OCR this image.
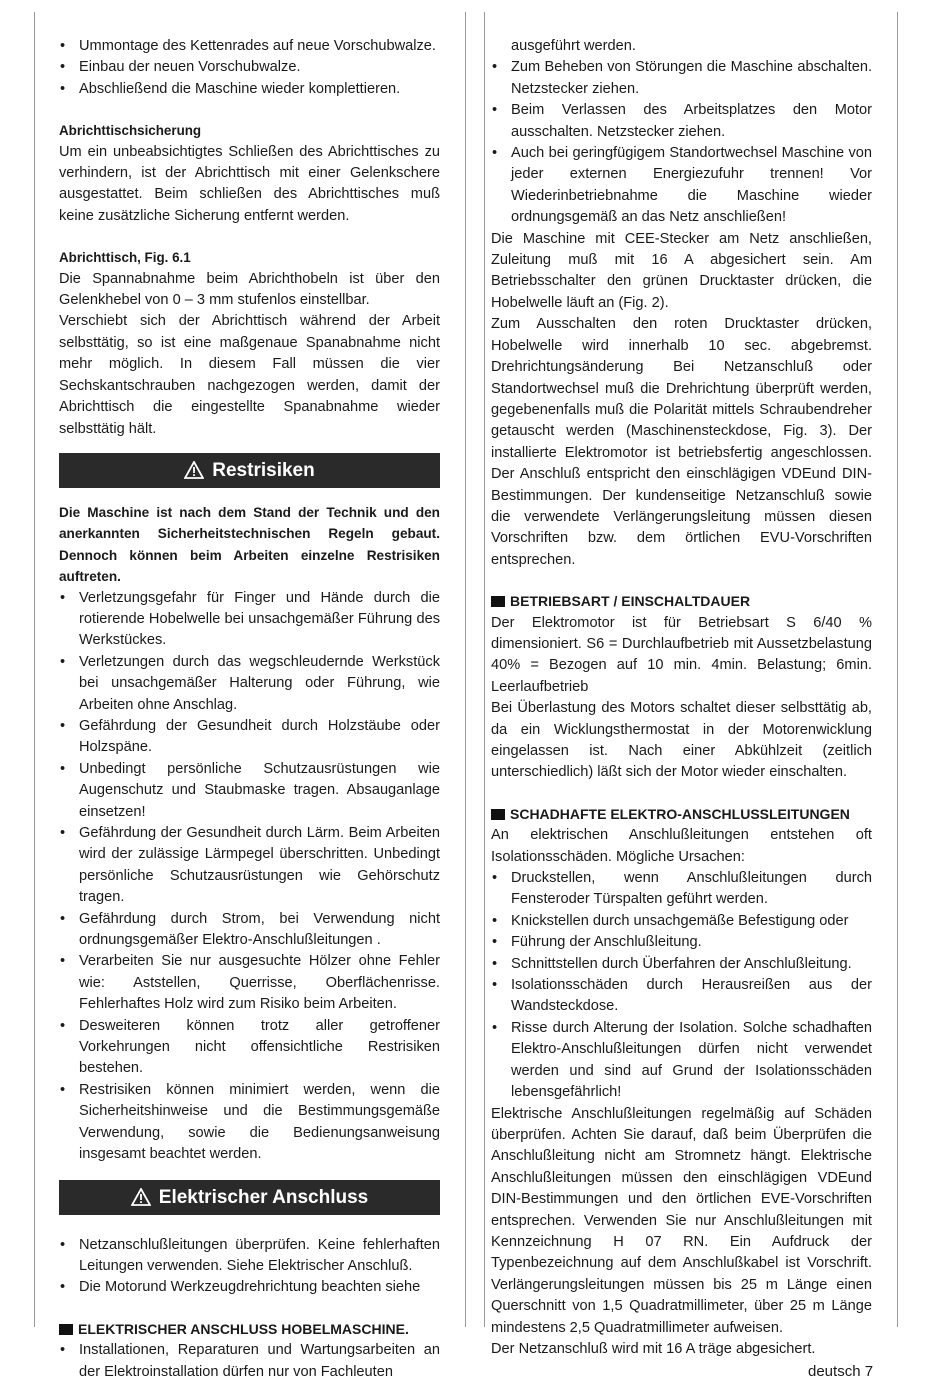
• Ummontage des Kettenrades auf neue Vorschubwalze.
• Einbau der neuen Vorschubwalze.
• Abschließend die Maschine wieder komplettieren.

Abrichttischsicherung

Um ein unbeabsichtigtes Schließen des Abrichttisches zu verhindern, ist der Abrichttisch mit einer Gelenkschere ausgestattet. Beim schließen des Abrichttisches muß keine zusätzliche Sicherung entfernt werden.

Abrichttisch, Fig. 6.1

Die Spannabnahme beim Abrichthobeln ist über den Gelenkhebel von 0 – 3 mm stufenlos einstellbar.

Verschiebt sich der Abrichttisch während der Arbeit selbsttätig, so ist eine maßgenaue Spanabnahme nicht mehr möglich. In diesem Fall müssen die vier Sechskantschrauben nachgezogen werden, damit der Abrichttisch die eingestellte Spanabnahme wieder selbsttätig hält.

Restrisiken

Die Maschine ist nach dem Stand der Technik und den anerkannten Sicherheitstechnischen Regeln gebaut. Dennoch können beim Arbeiten einzelne Restrisiken auftreten.

• Verletzungsgefahr für Finger und Hände durch die rotierende Hobelwelle bei unsachgemäßer Führung des Werkstückes.
• Verletzungen durch das wegschleudernde Werkstück bei unsachgemäßer Halterung oder Führung, wie Arbeiten ohne Anschlag.
• Gefährdung der Gesundheit durch Holzstäube oder Holzspäne.
• Unbedingt persönliche Schutzausrüstungen wie Augenschutz und Staubmaske tragen. Absauganlage einsetzen!
• Gefährdung der Gesundheit durch Lärm. Beim Arbeiten wird der zulässige Lärmpegel überschritten. Unbedingt persönliche Schutzausrüstungen wie Gehörschutz tragen.
• Gefährdung durch Strom, bei Verwendung nicht ordnungsgemäßer Elektro-Anschlußleitungen .
• Verarbeiten Sie nur ausgesuchte Hölzer ohne Fehler wie: Aststellen, Querrisse, Oberflächenrisse. Fehlerhaftes Holz wird zum Risiko beim Arbeiten.
• Desweiteren können trotz aller getroffener Vorkehrungen nicht offensichtliche Restrisiken bestehen.
• Restrisiken können minimiert werden, wenn die Sicherheitshinweise und die Bestimmungsgemäße Verwendung, sowie die Bedienungsanweisung insgesamt beachtet werden.
Elektrischer Anschluss
• Netzanschlußleitungen überprüfen. Keine fehlerhaften Leitungen verwenden. Siehe Elektrischer Anschluß.
• Die Motorund Werkzeugdrehrichtung beachten siehe
ELEKTRISCHER ANSCHLUSS HOBELMASCHINE.
• Installationen, Reparaturen und Wartungsarbeiten an der Elektroinstallation dürfen nur von Fachleuten

ausgeführt werden.

• Zum Beheben von Störungen die Maschine abschalten. Netzstecker ziehen.
• Beim Verlassen des Arbeitsplatzes den Motor ausschalten. Netzstecker ziehen.
• Auch bei geringfügigem Standortwechsel Maschine von jeder externen Energiezufuhr trennen! Vor Wiederinbetriebnahme die Maschine wieder ordnungsgemäß an das Netz anschließen!

Die Maschine mit CEE-Stecker am Netz anschließen, Zuleitung muß mit 16 A abgesichert sein. Am Betriebsschalter den grünen Drucktaster drücken, die Hobelwelle läuft an (Fig. 2).

Zum Ausschalten den roten Drucktaster drücken, Hobelwelle wird innerhalb 10 sec. abgebremst. Drehrichtungsänderung Bei Netzanschluß oder Standortwechsel muß die Drehrichtung überprüft werden, gegebenenfalls muß die Polarität mittels Schraubendreher getauscht werden (Maschinensteckdose, Fig. 3). Der installierte Elektromotor ist betriebsfertig angeschlossen. Der Anschluß entspricht den einschlägigen VDEund DIN-Bestimmungen. Der kundenseitige Netzanschluß sowie die verwendete Verlängerungsleitung müssen diesen Vorschriften bzw. dem örtlichen EVU-Vorschriften entsprechen.

BETRIEBSART / EINSCHALTDAUER

Der Elektromotor ist für Betriebsart S 6/40 % dimensioniert. S6 = Durchlaufbetrieb mit Aussetzbelastung 40% = Bezogen auf 10 min. 4min. Belastung; 6min. Leerlaufbetrieb

Bei Überlastung des Motors schaltet dieser selbsttätig ab, da ein Wicklungsthermostat in der Motorenwicklung eingelassen ist. Nach einer Abkühlzeit (zeitlich unterschiedlich) läßt sich der Motor wieder einschalten.

SCHADHAFTE ELEKTRO-ANSCHLUSSLEITUNGEN

An elektrischen Anschlußleitungen entstehen oft Isolationsschäden. Mögliche Ursachen:

• Druckstellen, wenn Anschlußleitungen durch Fensteroder Türspalten geführt werden.
• Knickstellen durch unsachgemäße Befestigung oder
• Führung der Anschlußleitung.
• Schnittstellen durch Überfahren der Anschlußleitung.
• Isolationsschäden durch Herausreißen aus der Wandsteckdose.
• Risse durch Alterung der Isolation. Solche schadhaften Elektro-Anschlußleitungen dürfen nicht verwendet werden und sind auf Grund der Isolationsschäden lebensgefährlich!

Elektrische Anschlußleitungen regelmäßig auf Schäden überprüfen. Achten Sie darauf, daß beim Überprüfen die Anschlußleitung nicht am Stromnetz hängt. Elektrische Anschlußleitungen müssen den einschlägigen VDEund DIN-Bestimmungen und den örtlichen EVE-Vorschriften entsprechen. Verwenden Sie nur Anschlußleitungen mit Kennzeichnung H 07 RN. Ein Aufdruck der Typenbezeichnung auf dem Anschlußkabel ist Vorschrift. Verlängerungsleitungen müssen bis 25 m Länge einen Querschnitt von 1,5 Quadratmillimeter, über 25 m Länge mindestens 2,5 Quadratmillimeter aufweisen.

Der Netzanschluß wird mit 16 A träge abgesichert.

deutsch 7
